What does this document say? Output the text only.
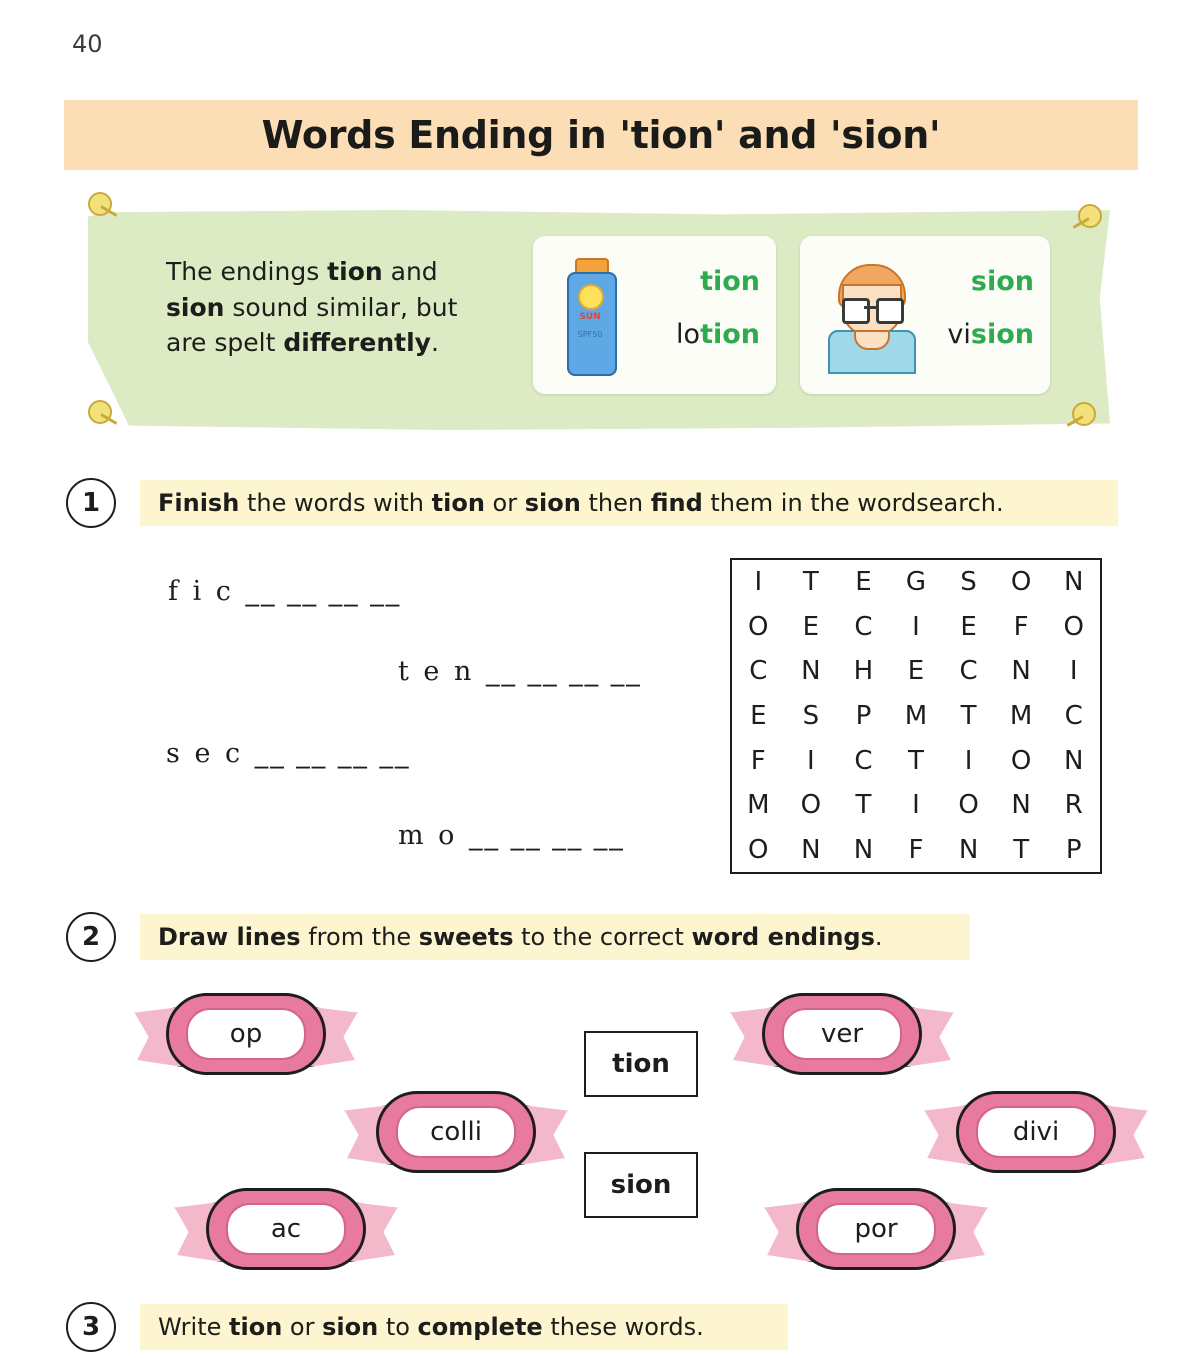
40
Words Ending in 'tion' and 'sion'
The endings tion and sion sound similar, but are spelt differently.
SUN
SPF50
tion
lotion
sion
vision
1	Finish the words with tion or sion then find them in the wordsearch.
f i c __ __ __ __
t e n __ __ __ __
s e c __ __ __ __
m o __ __ __ __
I	T	E	G	S	O	N
O	E	C	I	E	F	O
C	N	H	E	C	N	I
E	S	P	M	T	M	C
F	I	C	T	I	O	N
M	O	T	I	O	N	R
O	N	N	F	N	T	P
2	Draw lines from the sweets to the correct word endings.
op
colli
ac
ver
divi
por
tion
sion
3	Write tion or sion to complete these words.
